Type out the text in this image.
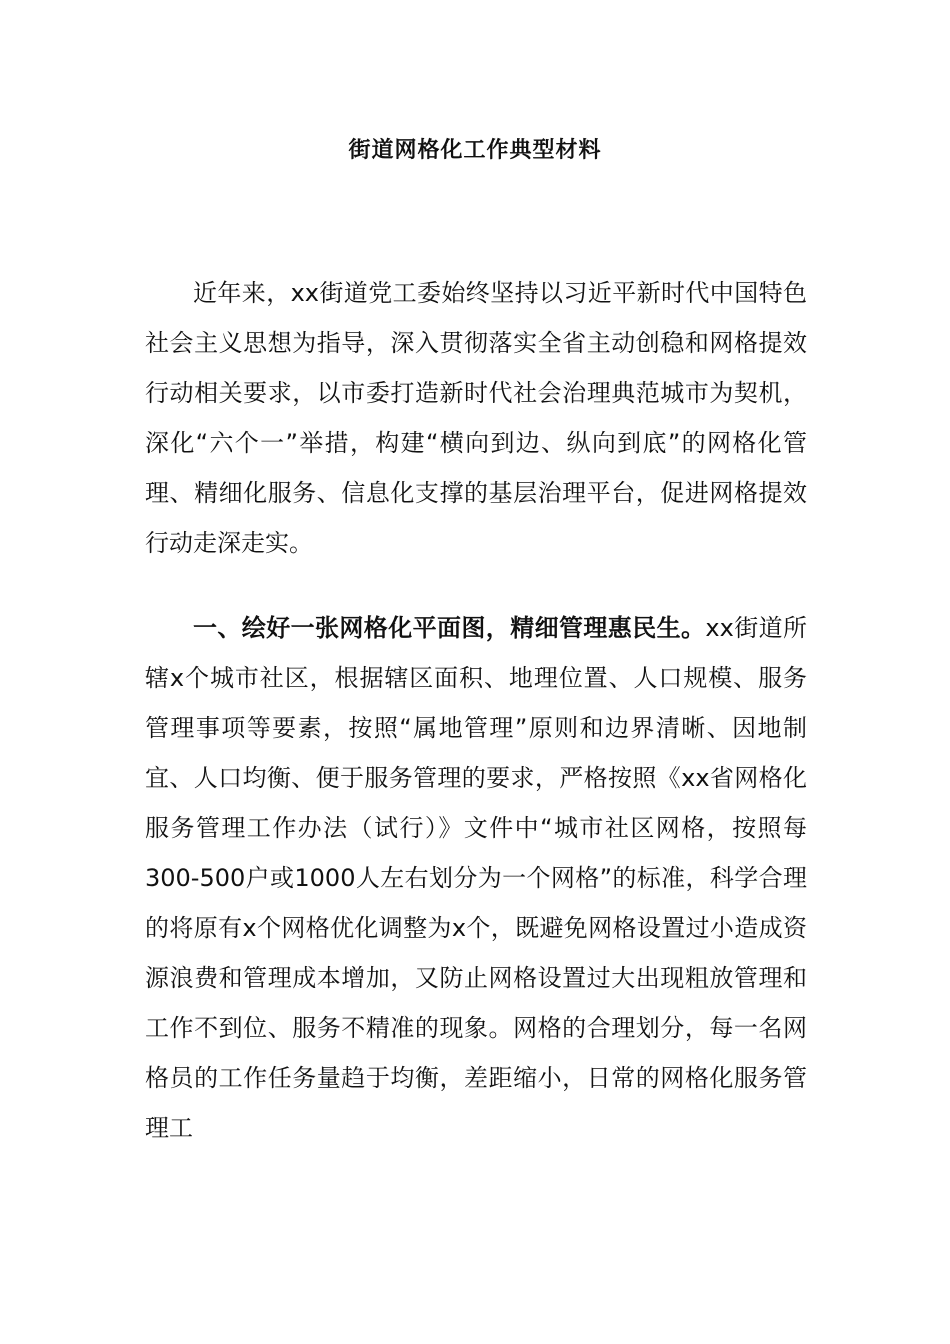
街道网格化工作典型材料

近年来，xx街道党工委始终坚持以习近平新时代中国特色社会主义思想为指导，深入贯彻落实全省主动创稳和网格提效行动相关要求，以市委打造新时代社会治理典范城市为契机，深化“六个一”举措，构建“横向到边、纵向到底”的网格化管理、精细化服务、信息化支撑的基层治理平台，促进网格提效行动走深走实。

一、绘好一张网格化平面图，精细管理惠民生。xx街道所辖x个城市社区，根据辖区面积、地理位置、人口规模、服务管理事项等要素，按照“属地管理”原则和边界清晰、因地制宜、人口均衡、便于服务管理的要求，严格按照《xx省网格化服务管理工作办法（试行）》文件中“城市社区网格，按照每300-500户或1000人左右划分为一个网格”的标准，科学合理的将原有x个网格优化调整为x个，既避免网格设置过小造成资源浪费和管理成本增加，又防止网格设置过大出现粗放管理和工作不到位、服务不精准的现象。网格的合理划分，每一名网格员的工作任务量趋于均衡，差距缩小，日常的网格化服务管理工
